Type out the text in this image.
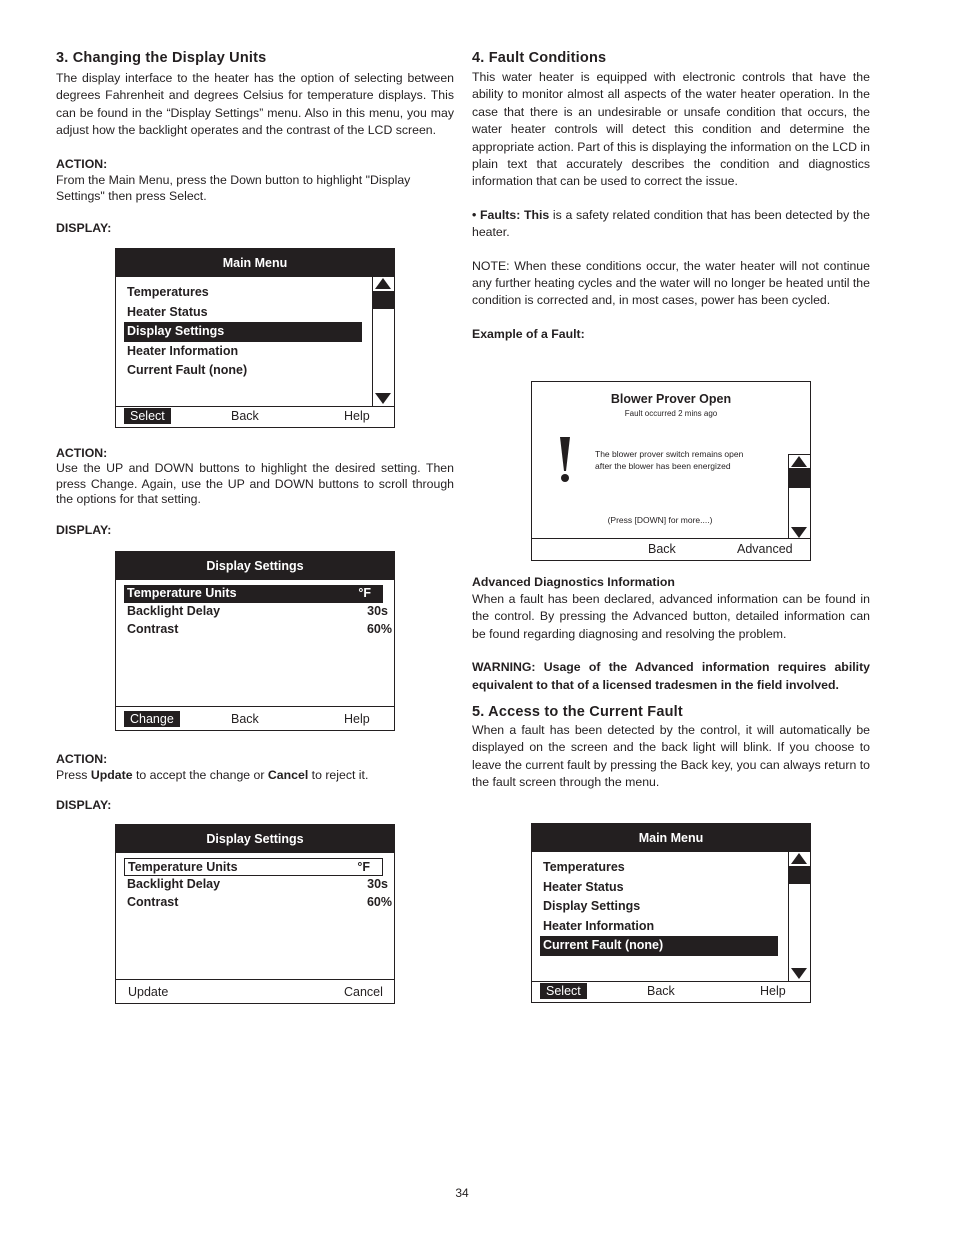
3. Changing the Display Units

The display interface to the heater has the option of selecting between degrees Fahrenheit and degrees Celsius for temperature displays. This can be found in the “Display Settings” menu. Also in this menu, you may adjust how the backlight operates and the contrast of the LCD screen.

ACTION:

From the Main Menu, press the Down button to highlight "Display Settings" then press Select.

DISPLAY:
Main Menu
Temperatures
Heater Status
Display Settings
Heater Information
Current Fault (none)
Select	Back	Help
ACTION:

Use the UP and DOWN buttons to highlight the desired setting. Then press Change. Again, use the UP and DOWN buttons to scroll through the options for that setting.

DISPLAY:
Display Settings
Temperature Units	°F
Backlight Delay	30s
Contrast	60%
Change	Back	Help
ACTION:

Press Update to accept the change or Cancel to reject it.

DISPLAY:
Display Settings
Temperature Units	°F
Backlight Delay	30s
Contrast	60%
Update	Cancel
4. Fault Conditions

This water heater is equipped with electronic controls that have the ability to monitor almost all aspects of the water heater operation. In the case that there is an undesirable or unsafe condition that occurs, the water heater controls will detect this condition and determine the appropriate action. Part of this is displaying the information on the LCD in plain text that accurately describes the condition and diagnostics information that can be used to correct the issue.

• Faults: This is a safety related condition that has been detected by the heater.

NOTE: When these conditions occur, the water heater will not continue any further heating cycles and the water will no longer be heated until the condition is corrected and, in most cases, power has been cycled.

Example of a Fault:
Blower Prover Open
Fault occurred 2 mins ago
The blower prover switch remains open after the blower has been energized
(Press [DOWN] for more....)
Back	Advanced
Advanced Diagnostics Information

When a fault has been declared, advanced information can be found in the control. By pressing the Advanced button, detailed information can be found regarding diagnosing and resolving the problem.

WARNING: Usage of the Advanced information requires ability equivalent to that of a licensed tradesmen in the field involved.

5. Access to the Current Fault

When a fault has been detected by the control, it will automatically be displayed on the screen and the back light will blink. If you choose to leave the current fault by pressing the Back key, you can always return to the fault screen through the menu.

Main Menu
Temperatures
Heater Status
Display Settings
Heater Information
Current Fault (none)
Select	Back	Help
34
